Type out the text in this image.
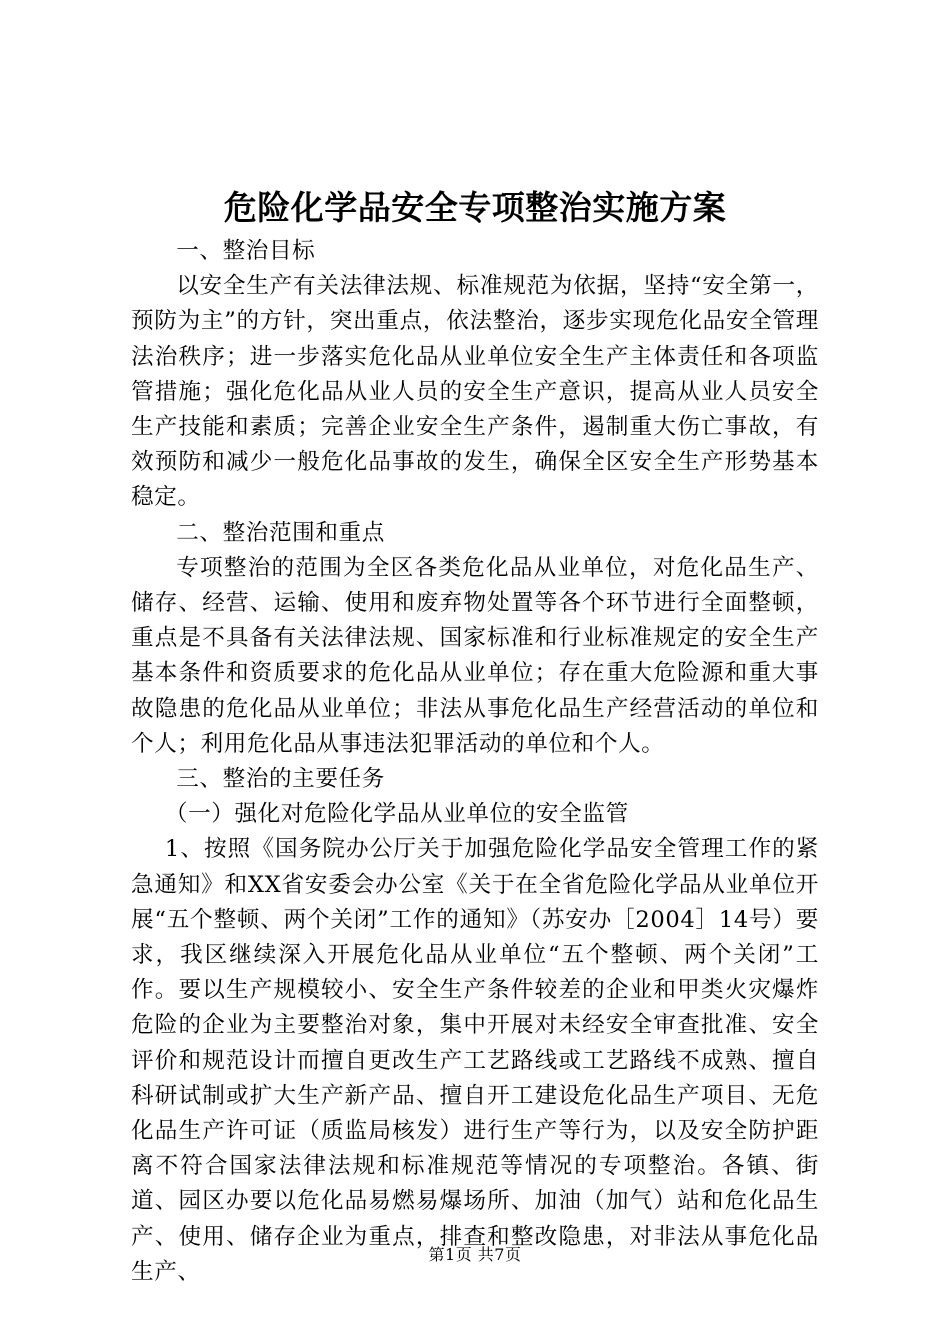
危险化学品安全专项整治实施方案

一、整治目标

以安全生产有关法律法规、标准规范为依据，坚持“安全第一，预防为主”的方针，突出重点，依法整治，逐步实现危化品安全管理法治秩序；进一步落实危化品从业单位安全生产主体责任和各项监管措施；强化危化品从业人员的安全生产意识，提高从业人员安全生产技能和素质；完善企业安全生产条件，遏制重大伤亡事故，有效预防和减少一般危化品事故的发生，确保全区安全生产形势基本稳定。

二、整治范围和重点

专项整治的范围为全区各类危化品从业单位，对危化品生产、储存、经营、运输、使用和废弃物处置等各个环节进行全面整顿，重点是不具备有关法律法规、国家标准和行业标准规定的安全生产基本条件和资质要求的危化品从业单位；存在重大危险源和重大事故隐患的危化品从业单位；非法从事危化品生产经营活动的单位和个人；利用危化品从事违法犯罪活动的单位和个人。

三、整治的主要任务

（一）强化对危险化学品从业单位的安全监管

1、按照《国务院办公厅关于加强危险化学品安全管理工作的紧急通知》和XX省安委会办公室《关于在全省危险化学品从业单位开展“五个整顿、两个关闭”工作的通知》（苏安办［2004］14号）要求，我区继续深入开展危化品从业单位“五个整顿、两个关闭”工作。要以生产规模较小、安全生产条件较差的企业和甲类火灾爆炸危险的企业为主要整治对象，集中开展对未经安全审查批准、安全评价和规范设计而擅自更改生产工艺路线或工艺路线不成熟、擅自科研试制或扩大生产新产品、擅自开工建设危化品生产项目、无危化品生产许可证（质监局核发）进行生产等行为，以及安全防护距离不符合国家法律法规和标准规范等情况的专项整治。各镇、街道、园区办要以危化品易燃易爆场所、加油（加气）站和危化品生产、使用、储存企业为重点，排查和整改隐患，对非法从事危化品生产、

第1页 共7页
